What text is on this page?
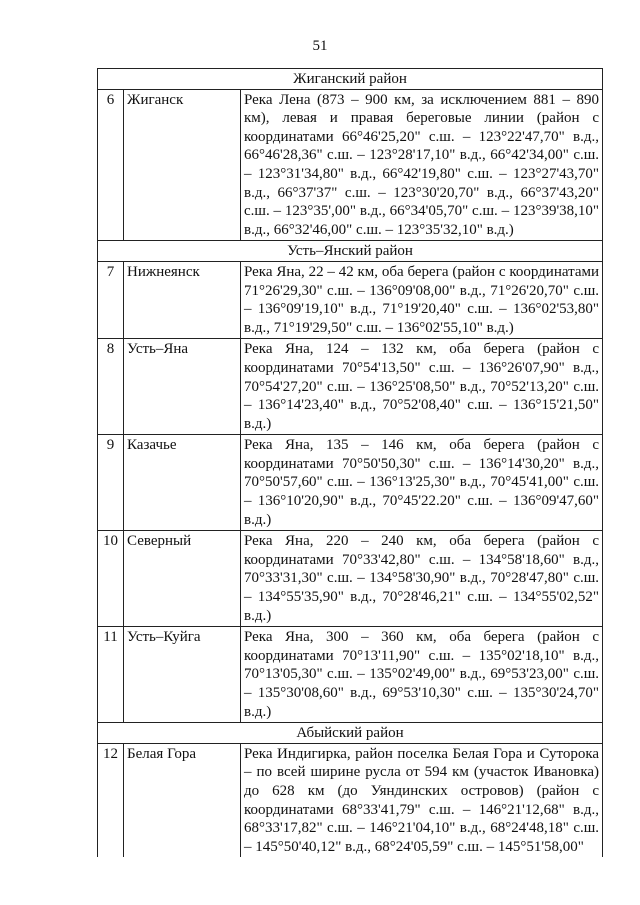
51
Жиганский район		
6	Жиганск	Река Лена (873 – 900 км, за исключением 881 – 890 км), левая и правая береговые линии (район с координатами 66°46'25,20" с.ш. – 123°22'47,70" в.д., 66°46'28,36" с.ш. – 123°28'17,10" в.д., 66°42'34,00" с.ш. – 123°31'34,80" в.д., 66°42'19,80" с.ш. – 123°27'43,70" в.д., 66°37'37" с.ш. – 123°30'20,70" в.д., 66°37'43,20" с.ш. – 123°35',00" в.д., 66°34'05,70" с.ш. – 123°39'38,10" в.д., 66°32'46,00" с.ш. – 123°35'32,10" в.д.)
Усть–Янский район		
7	Нижнеянск	Река Яна, 22 – 42 км, оба берега (район с координатами 71°26'29,30" с.ш. – 136°09'08,00" в.д., 71°26'20,70" с.ш. – 136°09'19,10" в.д., 71°19'20,40" с.ш. – 136°02'53,80" в.д., 71°19'29,50" с.ш. – 136°02'55,10" в.д.)
8	Усть–Яна	Река Яна, 124 – 132 км, оба берега (район с координатами 70°54'13,50" с.ш. – 136°26'07,90" в.д., 70°54'27,20" с.ш. – 136°25'08,50" в.д., 70°52'13,20" с.ш. – 136°14'23,40" в.д., 70°52'08,40" с.ш. – 136°15'21,50" в.д.)
9	Казачье	Река Яна, 135 – 146 км, оба берега (район с координатами 70°50'50,30" с.ш. – 136°14'30,20" в.д., 70°50'57,60" с.ш. – 136°13'25,30" в.д., 70°45'41,00" с.ш. – 136°10'20,90" в.д., 70°45'22.20" с.ш. – 136°09'47,60" в.д.)
10	Северный	Река Яна, 220 – 240 км, оба берега (район с координатами 70°33'42,80" с.ш. – 134°58'18,60" в.д., 70°33'31,30" с.ш. – 134°58'30,90" в.д., 70°28'47,80" с.ш. – 134°55'35,90" в.д., 70°28'46,21" с.ш. – 134°55'02,52" в.д.)
11	Усть–Куйга	Река Яна, 300 – 360 км, оба берега (район с координатами 70°13'11,90" с.ш. – 135°02'18,10" в.д., 70°13'05,30" с.ш. – 135°02'49,00" в.д., 69°53'23,00" с.ш. – 135°30'08,60" в.д., 69°53'10,30" с.ш. – 135°30'24,70" в.д.)
Абыйский район		
12	Белая Гора	Река Индигирка, район поселка Белая Гора и Суторока – по всей ширине русла от 594 км (участок Ивановка) до 628 км (до Уяндинских островов) (район с координатами 68°33'41,79" с.ш. – 146°21'12,68" в.д., 68°33'17,82" с.ш. – 146°21'04,10" в.д., 68°24'48,18" с.ш. – 145°50'40,12" в.д., 68°24'05,59" с.ш. – 145°51'58,00"
